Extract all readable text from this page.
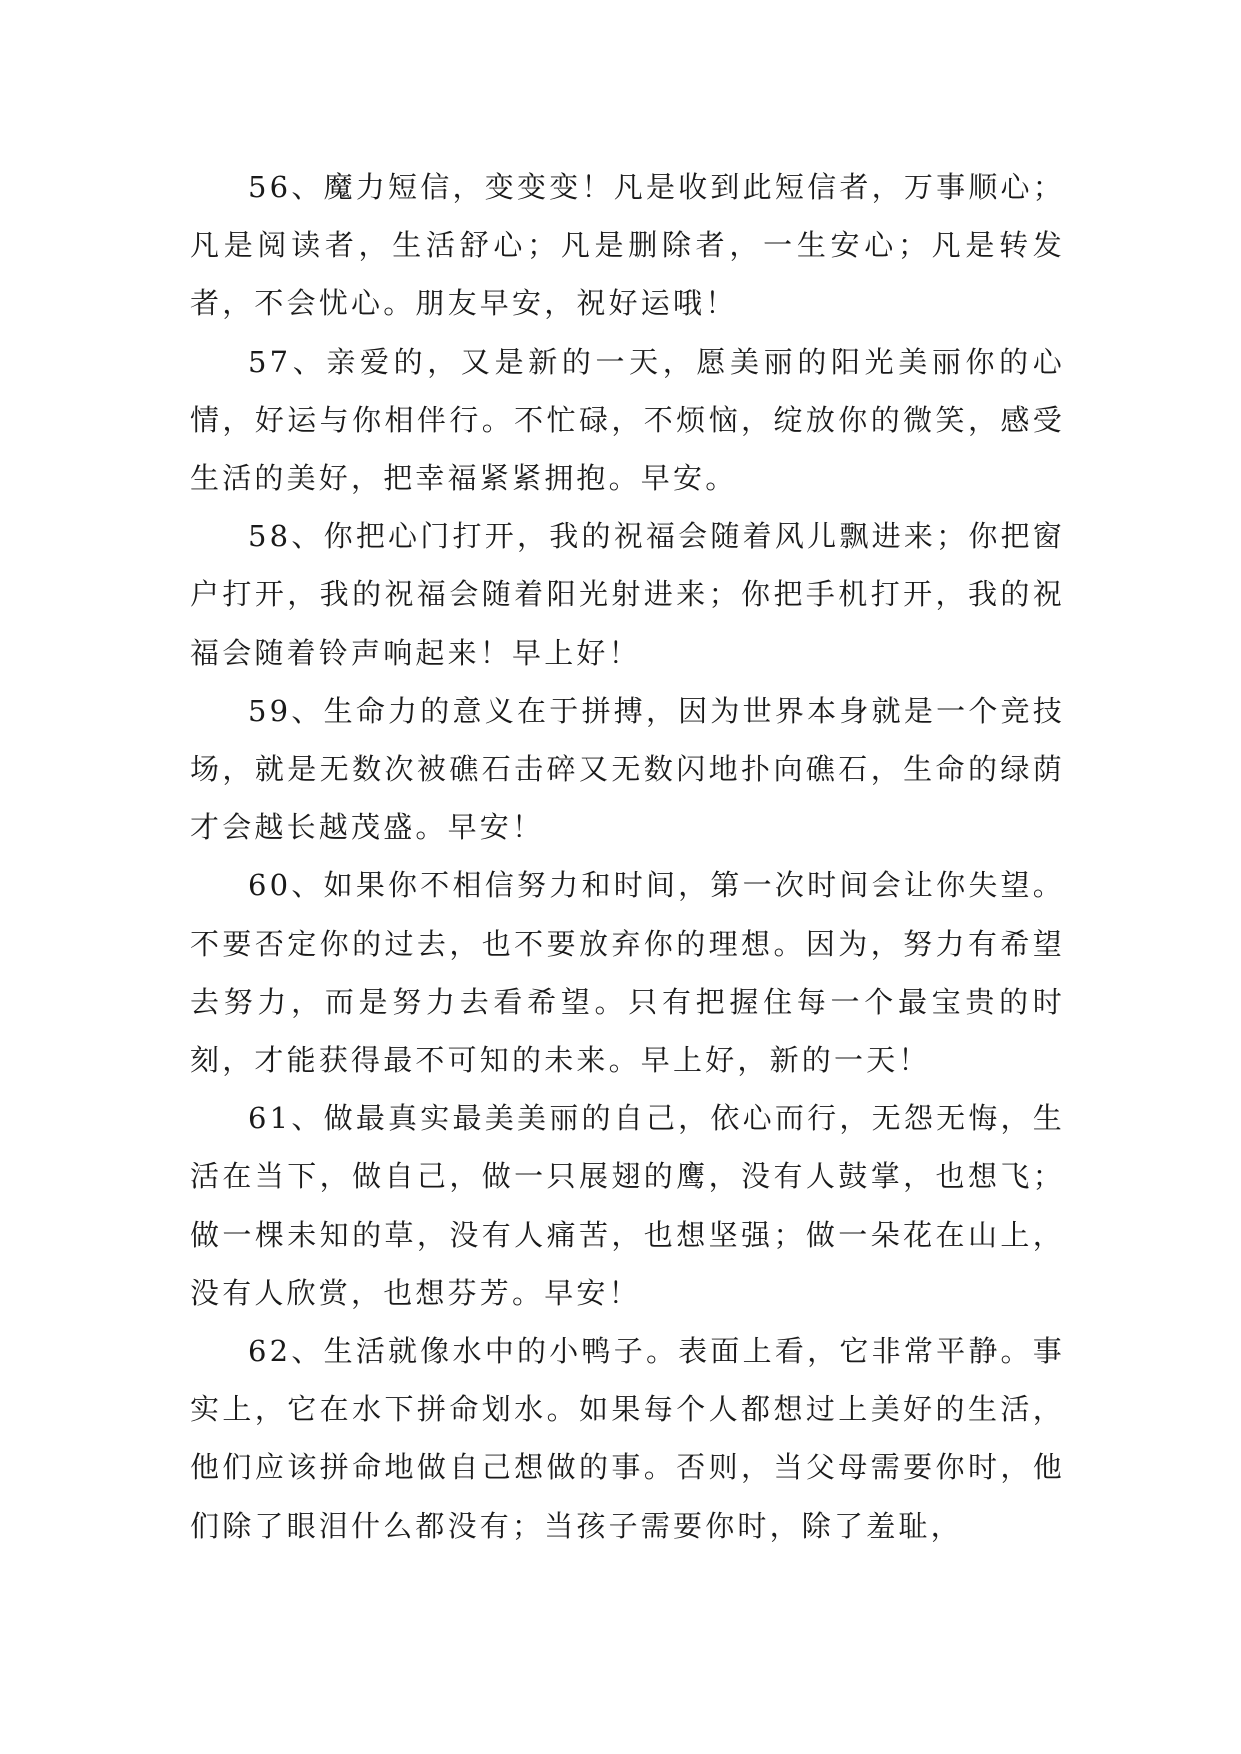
56、魔力短信，变变变！凡是收到此短信者，万事顺心；凡是阅读者，生活舒心；凡是删除者，一生安心；凡是转发者，不会忧心。朋友早安，祝好运哦！

57、亲爱的，又是新的一天，愿美丽的阳光美丽你的心情，好运与你相伴行。不忙碌，不烦恼，绽放你的微笑，感受生活的美好，把幸福紧紧拥抱。早安。

58、你把心门打开，我的祝福会随着风儿飘进来；你把窗户打开，我的祝福会随着阳光射进来；你把手机打开，我的祝福会随着铃声响起来！早上好！

59、生命力的意义在于拼搏，因为世界本身就是一个竞技场，就是无数次被礁石击碎又无数闪地扑向礁石，生命的绿荫才会越长越茂盛。早安！

60、如果你不相信努力和时间，第一次时间会让你失望。不要否定你的过去，也不要放弃你的理想。因为，努力有希望去努力，而是努力去看希望。只有把握住每一个最宝贵的时刻，才能获得最不可知的未来。早上好，新的一天！

61、做最真实最美美丽的自己，依心而行，无怨无悔，生活在当下，做自己，做一只展翅的鹰，没有人鼓掌，也想飞；做一棵未知的草，没有人痛苦，也想坚强；做一朵花在山上，没有人欣赏，也想芬芳。早安！

62、生活就像水中的小鸭子。表面上看，它非常平静。事实上，它在水下拼命划水。如果每个人都想过上美好的生活，他们应该拼命地做自己想做的事。否则，当父母需要你时，他们除了眼泪什么都没有；当孩子需要你时，除了羞耻，
